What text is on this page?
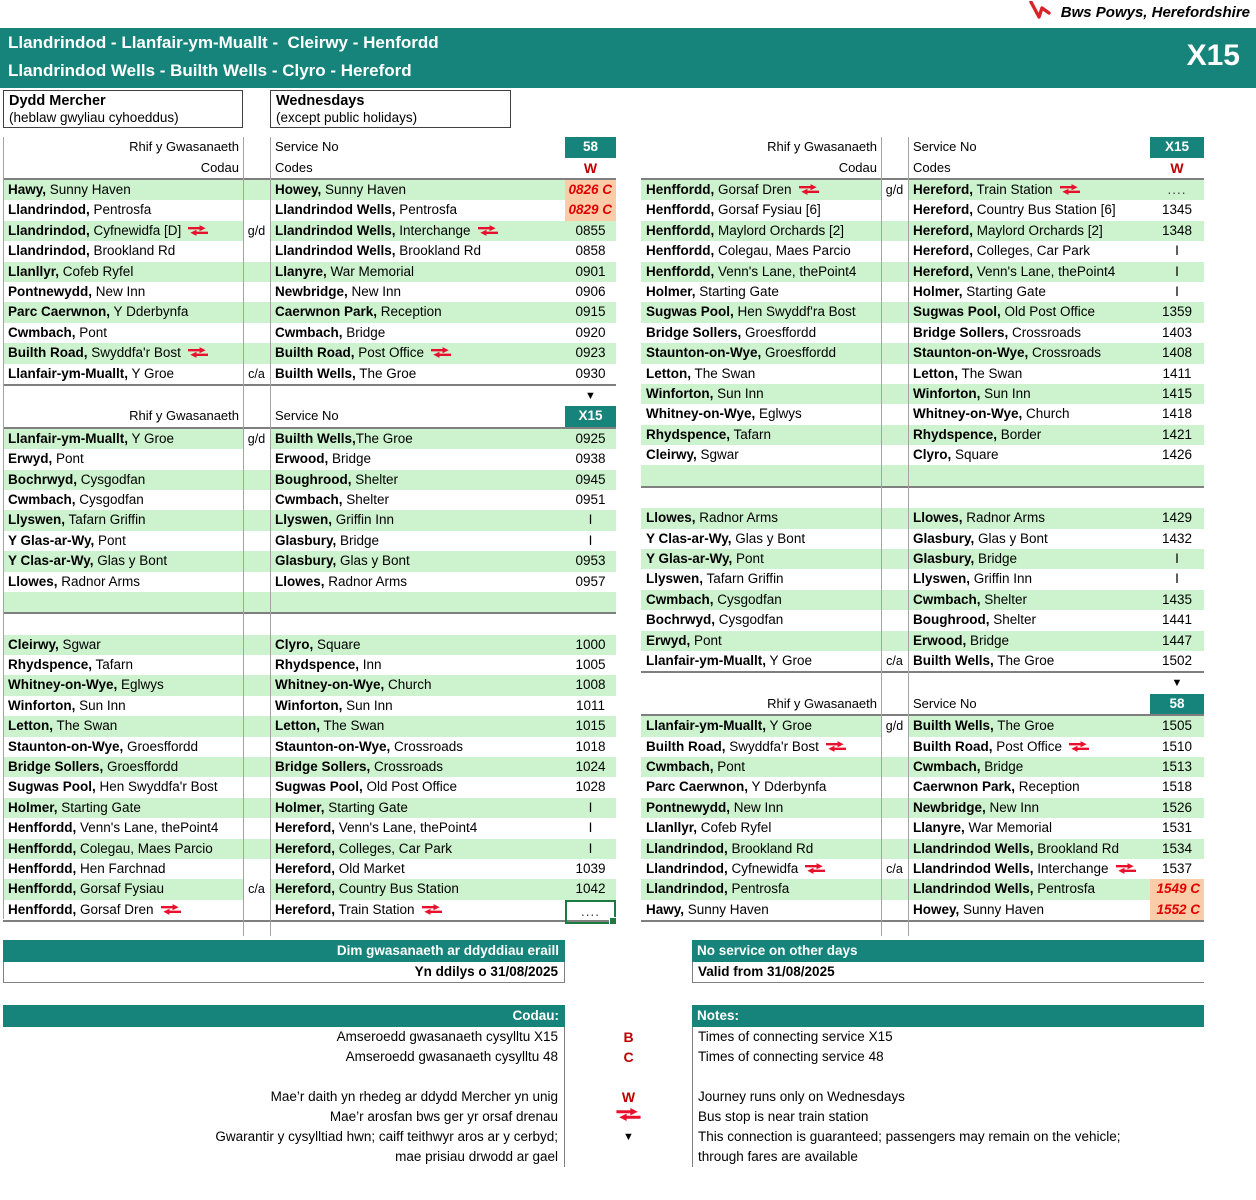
Bws Powys, Herefordshire
Llandrindod - Llanfair-ym-Muallt -  Cleirwy - Henfordd
Llandrindod Wells - Builth Wells - Clyro - Hereford	X15
Dydd Mercher
(heblaw gwyliau cyhoeddus)
Wednesdays
(except public holidays)
Rhif y Gwasanaeth	Service No	58
Codau	Codes	W
Hawy, Sunny Haven	Howey, Sunny Haven	0826 C
Llandrindod, Pentrosfa	Llandrindod Wells, Pentrosfa	0829 C
Llandrindod, Cyfnewidfa [D]	g/d Llandrindod Wells, Interchange	0855
Llandrindod, Brookland Rd	Llandrindod Wells, Brookland Rd	0858
Llanllyr, Cofeb Ryfel	Llanyre, War Memorial	0901
Pontnewydd, New Inn	Newbridge, New Inn	0906
Parc Caerwnon, Y Dderbynfa	Caerwnon Park, Reception	0915
Cwmbach, Pont	Cwmbach, Bridge	0920
Builth Road, Swyddfa'r Bost	Builth Road, Post Office	0923
Llanfair-ym-Muallt, Y Groe	c/a Builth Wells, The Groe	0930
▼
Rhif y Gwasanaeth	Service No	X15
Llanfair-ym-Muallt, Y Groe	g/d Builth Wells,The Groe	0925
Erwyd, Pont	Erwood, Bridge	0938
Bochrwyd, Cysgodfan	Boughrood, Shelter	0945
Cwmbach, Cysgodfan	Cwmbach, Shelter	0951
Llyswen, Tafarn Griffin	Llyswen, Griffin Inn	I
Y Glas-ar-Wy, Pont	Glasbury, Bridge	I
Y Clas-ar-Wy, Glas y Bont	Glasbury, Glas y Bont	0953
Llowes, Radnor Arms	Llowes, Radnor Arms	0957
Cleirwy, Sgwar	Clyro, Square	1000
Rhydspence, Tafarn	Rhydspence, Inn	1005
Whitney-on-Wye, Eglwys	Whitney-on-Wye, Church	1008
Winforton, Sun Inn	Winforton, Sun Inn	1011
Letton, The Swan	Letton, The Swan	1015
Staunton-on-Wye, Groesffordd	Staunton-on-Wye, Crossroads	1018
Bridge Sollers, Groesffordd	Bridge Sollers, Crossroads	1024
Sugwas Pool, Hen Swyddfa'r Bost	Sugwas Pool, Old Post Office	1028
Holmer, Starting Gate	Holmer, Starting Gate	I
Henffordd, Venn's Lane, thePoint4	Hereford, Venn's Lane, thePoint4	I
Henffordd, Colegau, Maes Parcio	Hereford, Colleges, Car Park	I
Henffordd, Hen Farchnad	Hereford, Old Market	1039
Henffordd, Gorsaf Fysiau	c/a Hereford, Country Bus Station	1042
Henffordd, Gorsaf Dren	Hereford, Train Station	....
Rhif y Gwasanaeth	Service No	X15
Codau	Codes	W
Henffordd, Gorsaf Dren	g/d Hereford, Train Station	....
Henffordd, Gorsaf Fysiau [6]	Hereford, Country Bus Station [6]	1345
Henffordd, Maylord Orchards [2]	Hereford, Maylord Orchards [2]	1348
Henffordd, Colegau, Maes Parcio	Hereford, Colleges, Car Park	I
Henffordd, Venn's Lane, thePoint4	Hereford, Venn's Lane, thePoint4	I
Holmer, Starting Gate	Holmer, Starting Gate	I
Sugwas Pool, Hen Swyddf'ra Bost	Sugwas Pool, Old Post Office	1359
Bridge Sollers, Groesffordd	Bridge Sollers, Crossroads	1403
Staunton-on-Wye, Groesffordd	Staunton-on-Wye, Crossroads	1408
Letton, The Swan	Letton, The Swan	1411
Winforton, Sun Inn	Winforton, Sun Inn	1415
Whitney-on-Wye, Eglwys	Whitney-on-Wye, Church	1418
Rhydspence, Tafarn	Rhydspence, Border	1421
Cleirwy, Sgwar	Clyro, Square	1426
Llowes, Radnor Arms	Llowes, Radnor Arms	1429
Y Clas-ar-Wy, Glas y Bont	Glasbury, Glas y Bont	1432
Y Glas-ar-Wy, Pont	Glasbury, Bridge	I
Llyswen, Tafarn Griffin	Llyswen, Griffin Inn	I
Cwmbach, Cysgodfan	Cwmbach, Shelter	1435
Bochrwyd, Cysgodfan	Boughrood, Shelter	1441
Erwyd, Pont	Erwood, Bridge	1447
Llanfair-ym-Muallt, Y Groe	c/a Builth Wells, The Groe	1502
▼
Rhif y Gwasanaeth	Service No	58
Llanfair-ym-Muallt, Y Groe	g/d Builth Wells, The Groe	1505
Builth Road, Swyddfa'r Bost	Builth Road, Post Office	1510
Cwmbach, Pont	Cwmbach, Bridge	1513
Parc Caerwnon, Y Dderbynfa	Caerwnon Park, Reception	1518
Pontnewydd, New Inn	Newbridge, New Inn	1526
Llanllyr, Cofeb Ryfel	Llanyre, War Memorial	1531
Llandrindod, Brookland Rd	Llandrindod Wells, Brookland Rd	1534
Llandrindod, Cyfnewidfa	c/a Llandrindod Wells, Interchange	1537
Llandrindod, Pentrosfa	Llandrindod Wells, Pentrosfa	1549 C
Hawy, Sunny Haven	Howey, Sunny Haven	1552 C
Dim gwasanaeth ar ddyddiau eraill	No service on other days
Yn ddilys o 31/08/2025	Valid from 31/08/2025
Codau:	Notes:
Amseroedd gwasanaeth cysylltu X15	B	Times of connecting service X15
Amseroedd gwasanaeth cysylltu 48	C	Times of connecting service 48
Mae’r daith yn rhedeg ar ddydd Mercher yn unig	W	Journey runs only on Wednesdays
Mae’r arosfan bws ger yr orsaf drenau	Bus stop is near train station
Gwarantir y cysylltiad hwn; caiff teithwyr aros ar y cerbyd;	▼	This connection is guaranteed; passengers may remain on the vehicle;
mae prisiau drwodd ar gael	through fares are available
